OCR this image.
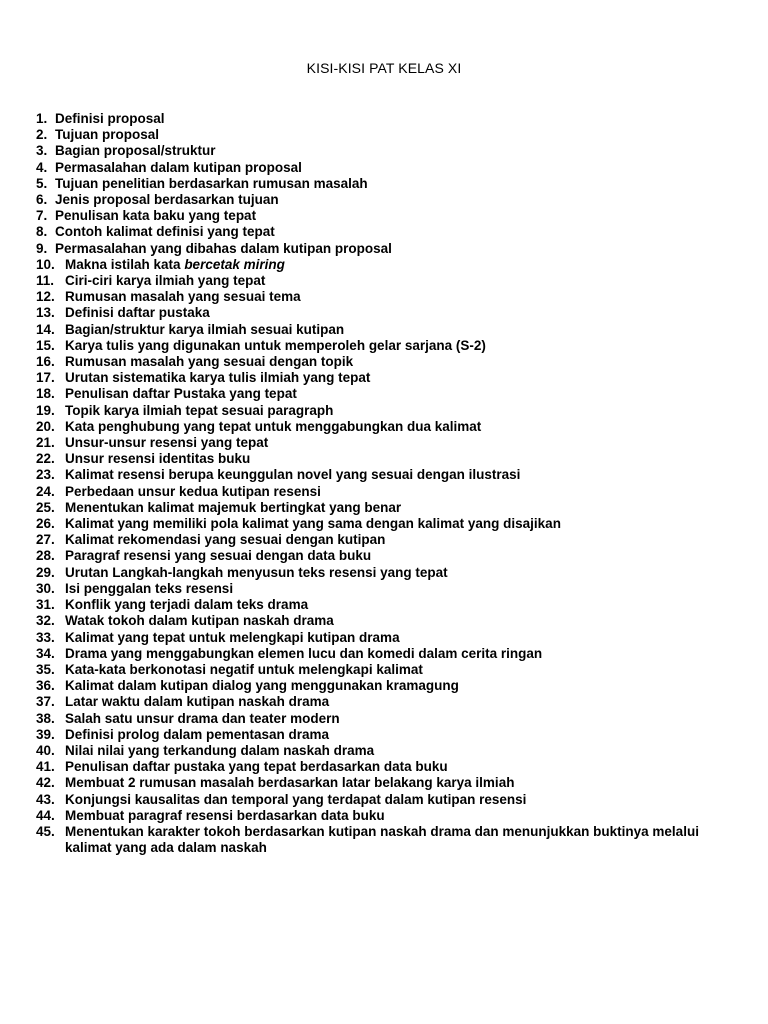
KISI-KISI PAT KELAS XI
1. Definisi proposal
2. Tujuan proposal
3. Bagian proposal/struktur
4. Permasalahan dalam kutipan proposal
5. Tujuan penelitian berdasarkan rumusan masalah
6. Jenis proposal berdasarkan tujuan
7. Penulisan kata baku yang tepat
8. Contoh kalimat definisi yang tepat
9. Permasalahan yang dibahas dalam kutipan proposal
10. Makna istilah kata bercetak miring
11. Ciri-ciri karya ilmiah yang tepat
12. Rumusan masalah yang sesuai tema
13. Definisi daftar pustaka
14. Bagian/struktur karya ilmiah sesuai kutipan
15. Karya tulis yang digunakan untuk memperoleh gelar sarjana (S-2)
16. Rumusan masalah yang sesuai dengan topik
17. Urutan sistematika karya tulis ilmiah yang tepat
18. Penulisan daftar Pustaka yang tepat
19. Topik karya ilmiah tepat sesuai paragraph
20. Kata penghubung yang tepat untuk menggabungkan dua kalimat
21. Unsur-unsur resensi yang tepat
22. Unsur resensi identitas buku
23. Kalimat resensi berupa keunggulan novel yang sesuai dengan ilustrasi
24. Perbedaan unsur kedua kutipan resensi
25. Menentukan kalimat majemuk bertingkat yang benar
26. Kalimat yang memiliki pola kalimat yang sama dengan kalimat yang disajikan
27. Kalimat rekomendasi yang sesuai dengan kutipan
28. Paragraf resensi yang sesuai dengan data buku
29. Urutan Langkah-langkah menyusun teks resensi yang tepat
30. Isi penggalan teks resensi
31. Konflik yang terjadi dalam teks drama
32. Watak tokoh dalam kutipan naskah drama
33. Kalimat yang tepat untuk melengkapi kutipan drama
34. Drama yang menggabungkan elemen lucu dan komedi dalam cerita ringan
35. Kata-kata berkonotasi negatif untuk melengkapi kalimat
36. Kalimat dalam kutipan dialog yang menggunakan kramagung
37. Latar waktu dalam kutipan naskah drama
38. Salah satu unsur drama dan teater modern
39. Definisi prolog dalam pementasan drama
40. Nilai nilai yang terkandung dalam naskah drama
41. Penulisan daftar pustaka yang tepat berdasarkan data buku
42. Membuat 2 rumusan masalah berdasarkan latar belakang karya ilmiah
43. Konjungsi kausalitas dan temporal yang terdapat dalam kutipan resensi
44. Membuat paragraf resensi berdasarkan data buku
45. Menentukan karakter tokoh berdasarkan kutipan naskah drama dan menunjukkan buktinya melalui kalimat yang ada dalam naskah
